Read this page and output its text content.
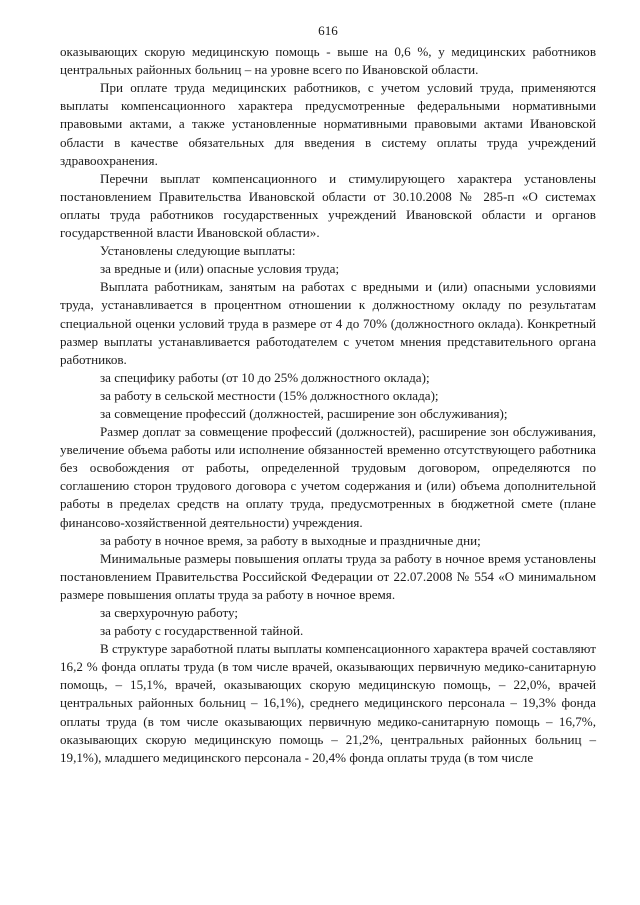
616

оказывающих скорую медицинскую помощь - выше на 0,6 %, у медицинских работников центральных районных больниц – на уровне всего по Ивановской области.

При оплате труда медицинских работников, с учетом условий труда, применяются выплаты компенсационного характера предусмотренные федеральными нормативными правовыми актами, а также установленные нормативными правовыми актами Ивановской области в качестве обязательных для введения в систему оплаты труда учреждений здравоохранения.

Перечни выплат компенсационного и стимулирующего характера установлены постановлением Правительства Ивановской области от 30.10.2008 № 285-п «О системах оплаты труда работников государственных учреждений Ивановской области и органов государственной власти Ивановской области».

Установлены следующие выплаты:

за вредные и (или) опасные условия труда;

Выплата работникам, занятым на работах с вредными и (или) опасными условиями труда, устанавливается в процентном отношении к должностному окладу по результатам специальной оценки условий труда в размере от 4 до 70% (должностного оклада). Конкретный размер выплаты устанавливается работодателем с учетом мнения представительного органа работников.

за специфику работы (от 10 до 25% должностного оклада);

за работу в сельской местности (15% должностного оклада);

за совмещение профессий (должностей, расширение зон обслуживания);

Размер доплат за совмещение профессий (должностей), расширение зон обслуживания, увеличение объема работы или исполнение обязанностей временно отсутствующего работника без освобождения от работы, определенной трудовым договором, определяются по соглашению сторон трудового договора с учетом содержания и (или) объема дополнительной работы в пределах средств на оплату труда, предусмотренных в бюджетной смете (плане финансово-хозяйственной деятельности) учреждения.

за работу в ночное время, за работу в выходные и праздничные дни;

Минимальные размеры повышения оплаты труда за работу в ночное время установлены постановлением Правительства Российской Федерации от 22.07.2008 № 554 «О минимальном размере повышения оплаты труда за работу в ночное время.

за сверхурочную работу;

за работу с государственной тайной.

В структуре заработной платы выплаты компенсационного характера врачей составляют 16,2 % фонда оплаты труда (в том числе врачей, оказывающих первичную медико-санитарную помощь, – 15,1%, врачей, оказывающих скорую медицинскую помощь, – 22,0%, врачей центральных районных больниц – 16,1%), среднего медицинского персонала – 19,3% фонда оплаты труда (в том числе оказывающих первичную медико-санитарную помощь – 16,7%, оказывающих скорую медицинскую помощь – 21,2%, центральных районных больниц – 19,1%), младшего медицинского персонала - 20,4% фонда оплаты труда (в том числе
